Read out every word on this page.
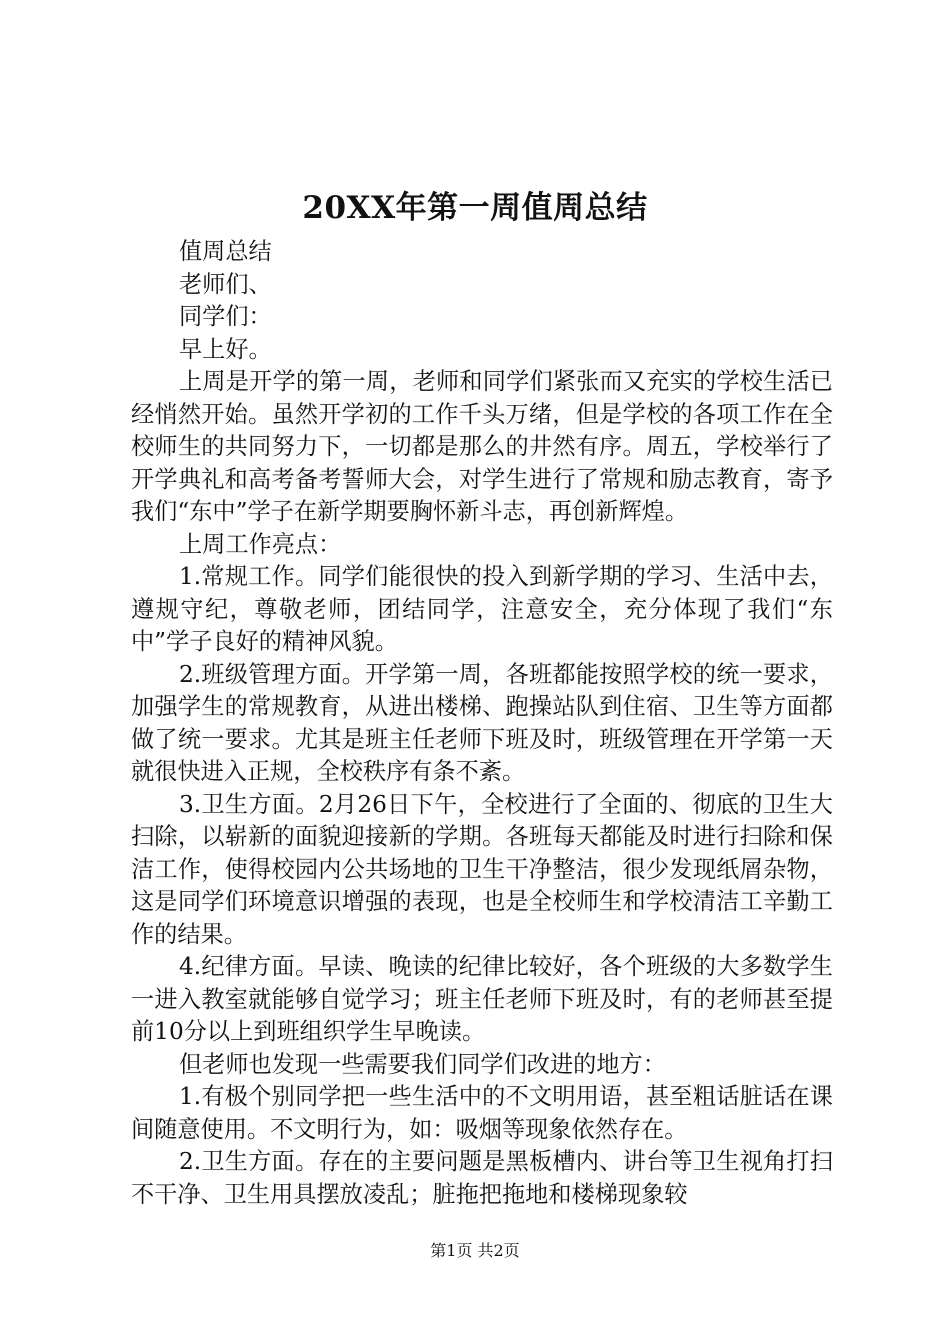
20XX年第一周值周总结

值周总结

老师们、

同学们：

早上好。

上周是开学的第一周，老师和同学们紧张而又充实的学校生活已经悄然开始。虽然开学初的工作千头万绪，但是学校的各项工作在全校师生的共同努力下，一切都是那么的井然有序。周五，学校举行了开学典礼和高考备考誓师大会，对学生进行了常规和励志教育，寄予我们“东中”学子在新学期要胸怀新斗志，再创新辉煌。

上周工作亮点：

1.常规工作。同学们能很快的投入到新学期的学习、生活中去，遵规守纪，尊敬老师，团结同学，注意安全，充分体现了我们“东中”学子良好的精神风貌。

2.班级管理方面。开学第一周，各班都能按照学校的统一要求，加强学生的常规教育，从进出楼梯、跑操站队到住宿、卫生等方面都做了统一要求。尤其是班主任老师下班及时，班级管理在开学第一天就很快进入正规，全校秩序有条不紊。

3.卫生方面。2月26日下午，全校进行了全面的、彻底的卫生大扫除，以崭新的面貌迎接新的学期。各班每天都能及时进行扫除和保洁工作，使得校园内公共场地的卫生干净整洁，很少发现纸屑杂物，这是同学们环境意识增强的表现，也是全校师生和学校清洁工辛勤工作的结果。

4.纪律方面。早读、晚读的纪律比较好，各个班级的大多数学生一进入教室就能够自觉学习；班主任老师下班及时，有的老师甚至提前10分以上到班组织学生早晚读。

但老师也发现一些需要我们同学们改进的地方：

1.有极个别同学把一些生活中的不文明用语，甚至粗话脏话在课间随意使用。不文明行为，如：吸烟等现象依然存在。

2.卫生方面。存在的主要问题是黑板槽内、讲台等卫生视角打扫不干净、卫生用具摆放凌乱；脏拖把拖地和楼梯现象较

第1页 共2页
